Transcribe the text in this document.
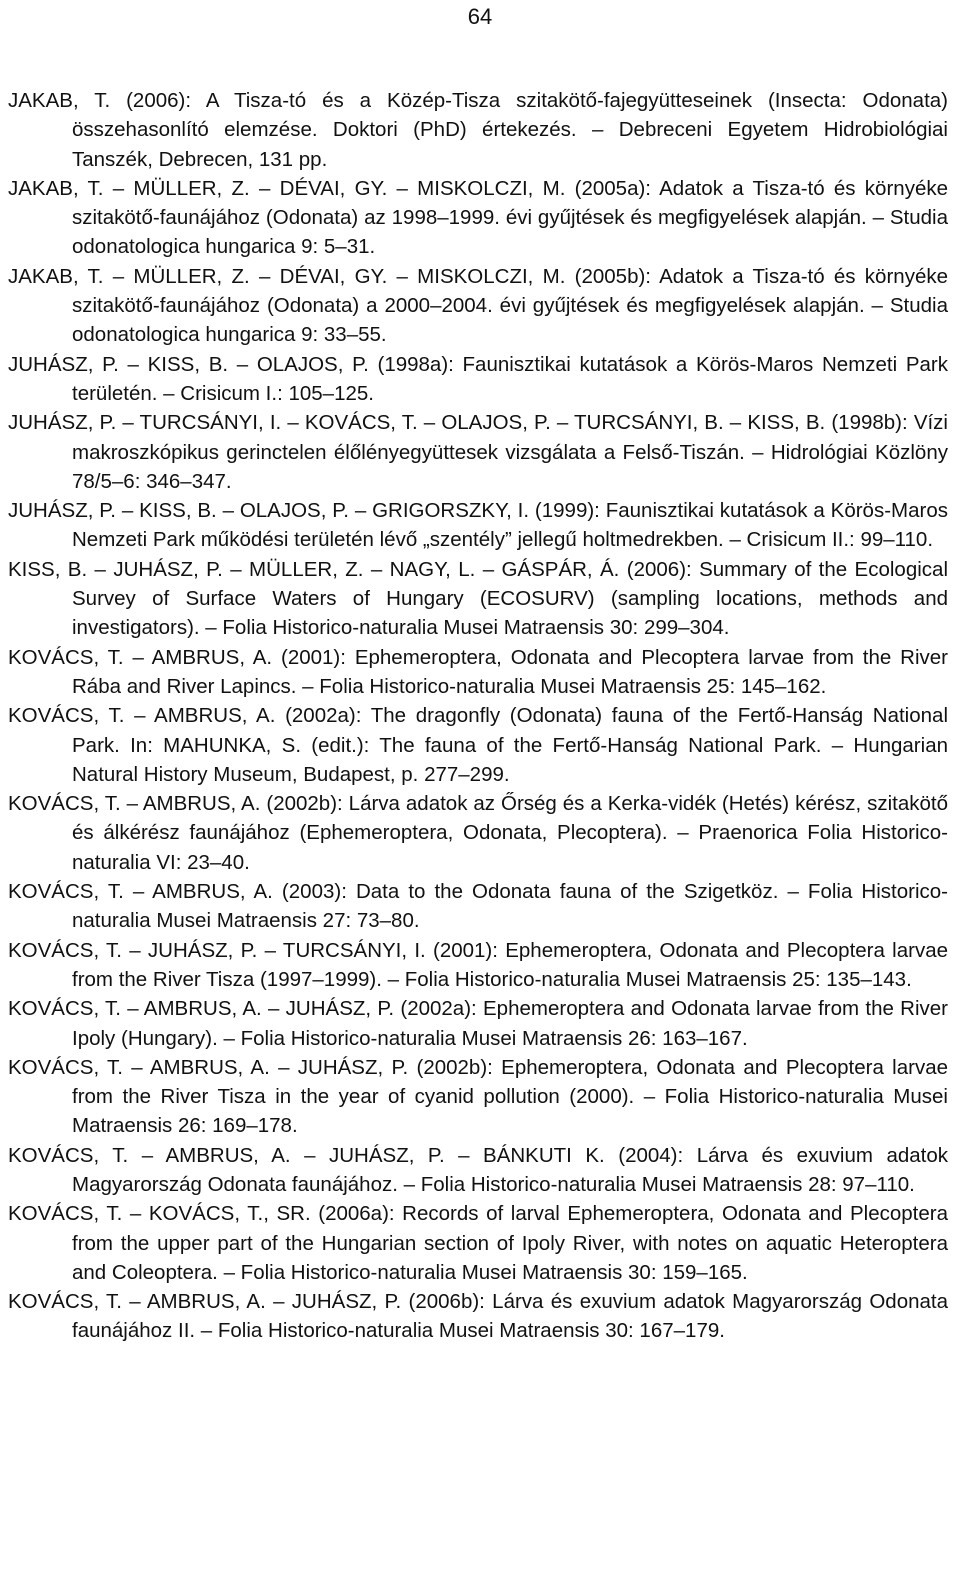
64

JAKAB, T. (2006): A Tisza-tó és a Közép-Tisza szitakötő-fajegyütteseinek (Insecta: Odonata) összehasonlító elemzése. Doktori (PhD) értekezés. – Debreceni Egyetem Hidrobiológiai Tanszék, Debrecen, 131 pp.

JAKAB, T. – MÜLLER, Z. – DÉVAI, GY. – MISKOLCZI, M. (2005a): Adatok a Tisza-tó és környéke szitakötő-faunájához (Odonata) az 1998–1999. évi gyűjtések és megfigyelések alapján. – Studia odonatologica hungarica 9: 5–31.

JAKAB, T. – MÜLLER, Z. – DÉVAI, GY. – MISKOLCZI, M. (2005b): Adatok a Tisza-tó és környéke szitakötő-faunájához (Odonata) a 2000–2004. évi gyűjtések és megfigyelések alapján. – Studia odonatologica hungarica 9: 33–55.

JUHÁSZ, P. – KISS, B. – OLAJOS, P. (1998a): Faunisztikai kutatások a Körös-Maros Nemzeti Park területén. – Crisicum I.: 105–125.

JUHÁSZ, P. – TURCSÁNYI, I. – KOVÁCS, T. – OLAJOS, P. – TURCSÁNYI, B. – KISS, B. (1998b): Vízi makroszkópikus gerinctelen élőlényegyüttesek vizsgálata a Felső-Tiszán. – Hidrológiai Közlöny 78/5–6: 346–347.

JUHÁSZ, P. – KISS, B. – OLAJOS, P. – GRIGORSZKY, I. (1999): Faunisztikai kutatások a Körös-Maros Nemzeti Park működési területén lévő „szentély” jellegű holtmedrekben. – Crisicum II.: 99–110.

KISS, B. – JUHÁSZ, P. – MÜLLER, Z. – NAGY, L. – GÁSPÁR, Á. (2006): Summary of the Ecological Survey of Surface Waters of Hungary (ECOSURV) (sampling locations, methods and investigators). – Folia Historico-naturalia Musei Matraensis 30: 299–304.

KOVÁCS, T. – AMBRUS, A. (2001): Ephemeroptera, Odonata and Plecoptera larvae from the River Rába and River Lapincs. – Folia Historico-naturalia Musei Matraensis 25: 145–162.

KOVÁCS, T. – AMBRUS, A. (2002a): The dragonfly (Odonata) fauna of the Fertő-Hanság National Park. In: MAHUNKA, S. (edit.): The fauna of the Fertő-Hanság National Park. – Hungarian Natural History Museum, Budapest, p. 277–299.

KOVÁCS, T. – AMBRUS, A. (2002b): Lárva adatok az Őrség és a Kerka-vidék (Hetés) kérész, szitakötő és álkérész faunájához (Ephemeroptera, Odonata, Plecoptera). – Praenorica Folia Historico-naturalia VI: 23–40.

KOVÁCS, T. – AMBRUS, A. (2003): Data to the Odonata fauna of the Szigetköz. – Folia Historico-naturalia Musei Matraensis 27: 73–80.

KOVÁCS, T. – JUHÁSZ, P. – TURCSÁNYI, I. (2001): Ephemeroptera, Odonata and Plecoptera larvae from the River Tisza (1997–1999). – Folia Historico-naturalia Musei Matraensis 25: 135–143.

KOVÁCS, T. – AMBRUS, A. – JUHÁSZ, P. (2002a): Ephemeroptera and Odonata larvae from the River Ipoly (Hungary). – Folia Historico-naturalia Musei Matraensis 26: 163–167.

KOVÁCS, T. – AMBRUS, A. – JUHÁSZ, P. (2002b): Ephemeroptera, Odonata and Plecoptera larvae from the River Tisza in the year of cyanid pollution (2000). – Folia Historico-naturalia Musei Matraensis 26: 169–178.

KOVÁCS, T. – AMBRUS, A. – JUHÁSZ, P. – BÁNKUTI K. (2004): Lárva és exuvium adatok Magyarország Odonata faunájához. – Folia Historico-naturalia Musei Matraensis 28: 97–110.

KOVÁCS, T. – KOVÁCS, T., SR. (2006a): Records of larval Ephemeroptera, Odonata and Plecoptera from the upper part of the Hungarian section of Ipoly River, with notes on aquatic Heteroptera and Coleoptera. – Folia Historico-naturalia Musei Matraensis 30: 159–165.

KOVÁCS, T. – AMBRUS, A. – JUHÁSZ, P. (2006b): Lárva és exuvium adatok Magyarország Odonata faunájához II. – Folia Historico-naturalia Musei Matraensis 30: 167–179.
